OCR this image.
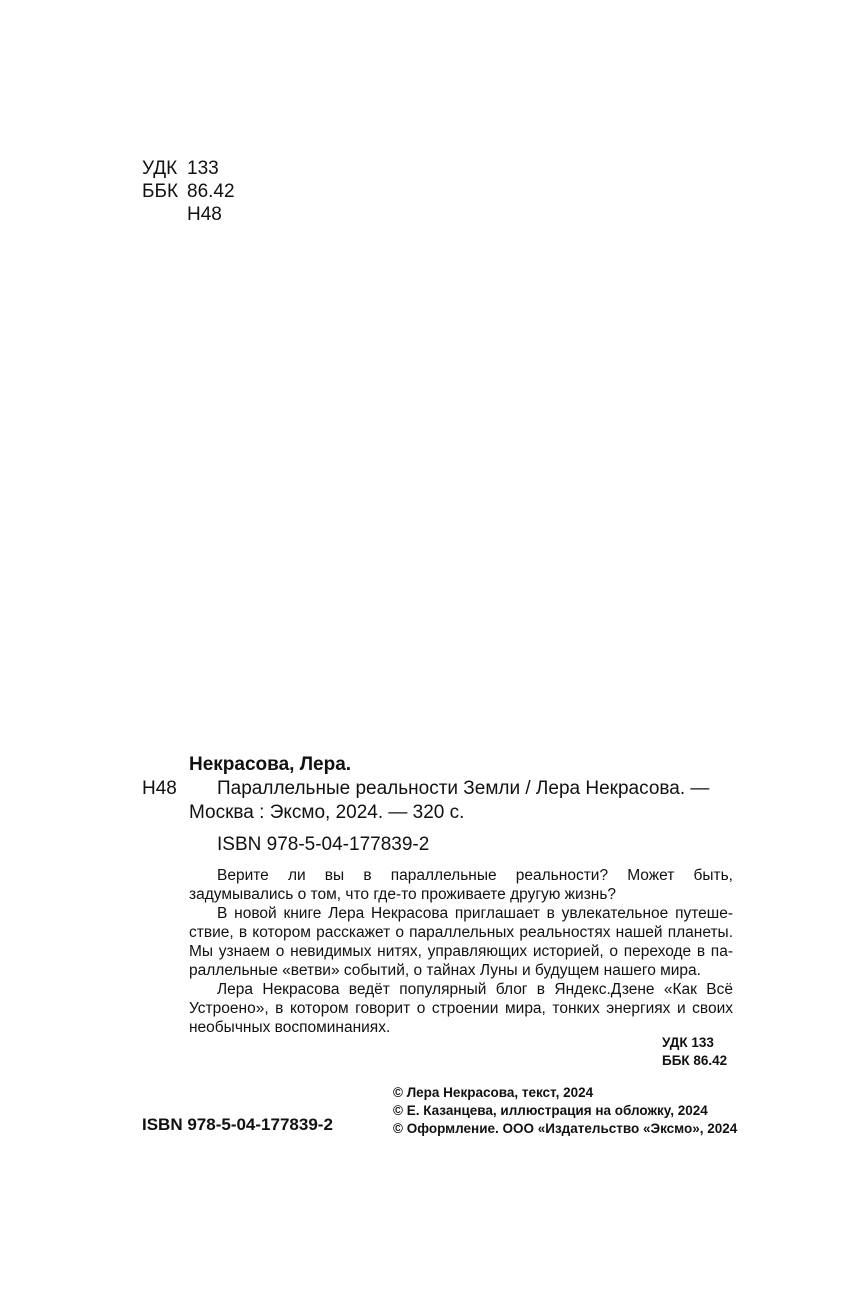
УДК 133
ББК 86.42
Н48
Некрасова, Лера.
Н48 Параллельные реальности Земли / Лера Некрасова. —
Москва : Эксмо, 2024. — 320 с.
ISBN 978-5-04-177839-2

Верите ли вы в параллельные реальности? Может быть, задумывались о том, что где-то проживаете другую жизнь?

В новой книге Лера Некрасова приглашает в увлекательное путешествие, в котором расскажет о параллельных реальностях нашей планеты. Мы узнаем о невидимых нитях, управляющих историей, о переходе в параллельные «ветви» событий, о тайнах Луны и будущем нашего мира.

Лера Некрасова ведёт популярный блог в Яндекс.Дзене «Как Всё Устроено», в котором говорит о строении мира, тонких энергиях и своих необычных воспоминаниях.

УДК 133
ББК 86.42
ISBN 978-5-04-177839-2
© Лера Некрасова, текст, 2024
© Е. Казанцева, иллюстрация на обложку, 2024
© Оформление. ООО «Издательство «Эксмо», 2024
